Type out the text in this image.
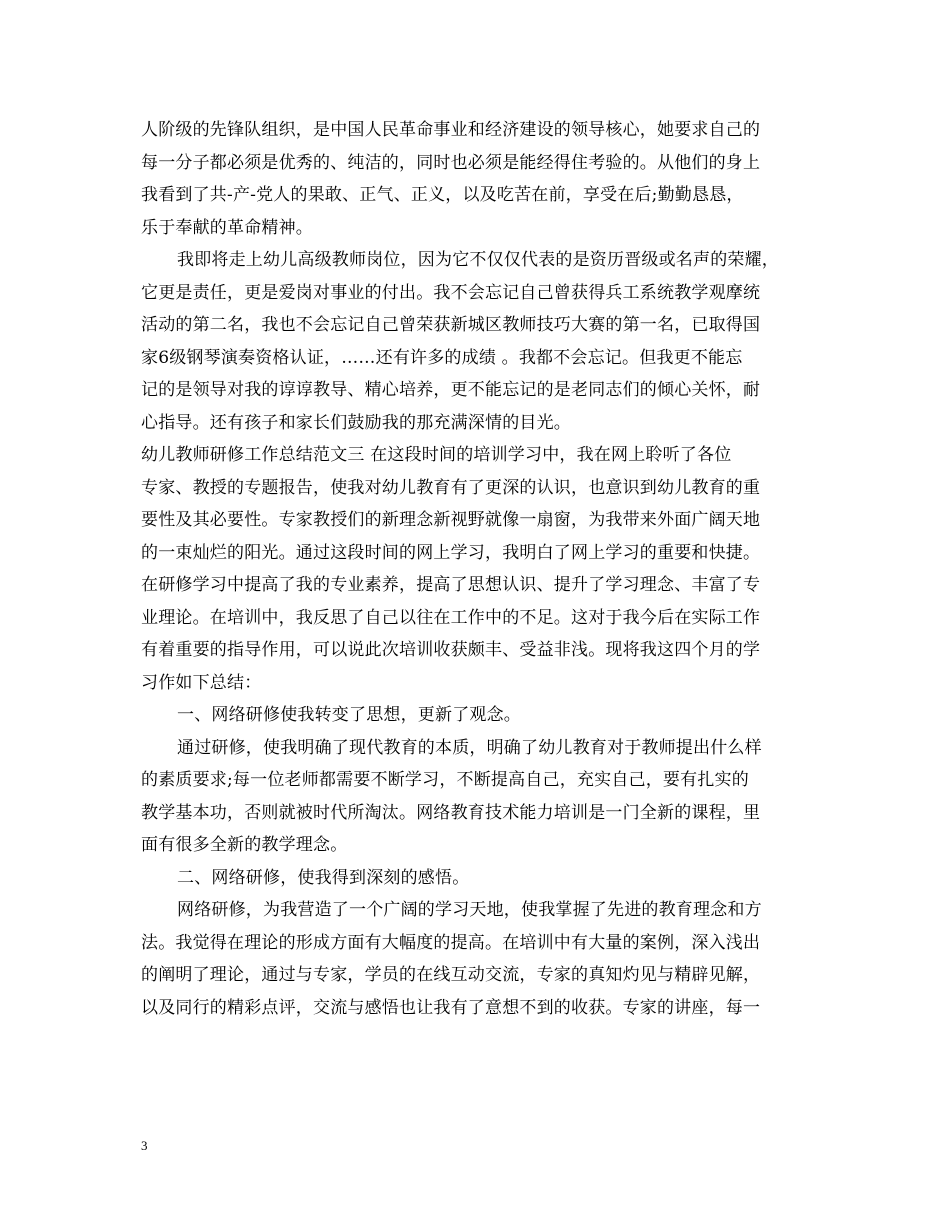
人阶级的先锋队组织，是中国人民革命事业和经济建设的领导核心，她要求自己的
每一分子都必须是优秀的、纯洁的，同时也必须是能经得住考验的。从他们的身上
我看到了共-产-党人的果敢、正气、正义，以及吃苦在前，享受在后;勤勤恳恳，
乐于奉献的革命精神。
我即将走上幼儿高级教师岗位，因为它不仅仅代表的是资历晋级或名声的荣耀，
它更是责任，更是爱岗对事业的付出。我不会忘记自己曾获得兵工系统教学观摩统
活动的第二名，我也不会忘记自己曾荣获新城区教师技巧大赛的第一名，已取得国
家6级钢琴演奏资格认证，……还有许多的成绩 。我都不会忘记。但我更不能忘
记的是领导对我的谆谆教导、精心培养，更不能忘记的是老同志们的倾心关怀，耐
心指导。还有孩子和家长们鼓励我的那充满深情的目光。
幼儿教师研修工作总结范文三 在这段时间的培训学习中，我在网上聆听了各位
专家、教授的专题报告，使我对幼儿教育有了更深的认识，也意识到幼儿教育的重
要性及其必要性。专家教授们的新理念新视野就像一扇窗，为我带来外面广阔天地
的一束灿烂的阳光。通过这段时间的网上学习，我明白了网上学习的重要和快捷。
在研修学习中提高了我的专业素养，提高了思想认识、提升了学习理念、丰富了专
业理论。在培训中，我反思了自己以往在工作中的不足。这对于我今后在实际工作
有着重要的指导作用，可以说此次培训收获颇丰、受益非浅。现将我这四个月的学
习作如下总结：
一、网络研修使我转变了思想，更新了观念。
通过研修，使我明确了现代教育的本质，明确了幼儿教育对于教师提出什么样
的素质要求;每一位老师都需要不断学习，不断提高自己，充实自己，要有扎实的
教学基本功，否则就被时代所淘汰。网络教育技术能力培训是一门全新的课程，里
面有很多全新的教学理念。
二、网络研修，使我得到深刻的感悟。
网络研修，为我营造了一个广阔的学习天地，使我掌握了先进的教育理念和方
法。我觉得在理论的形成方面有大幅度的提高。在培训中有大量的案例，深入浅出
的阐明了理论，通过与专家，学员的在线互动交流，专家的真知灼见与精辟见解，
以及同行的精彩点评，交流与感悟也让我有了意想不到的收获。专家的讲座，每一
3
